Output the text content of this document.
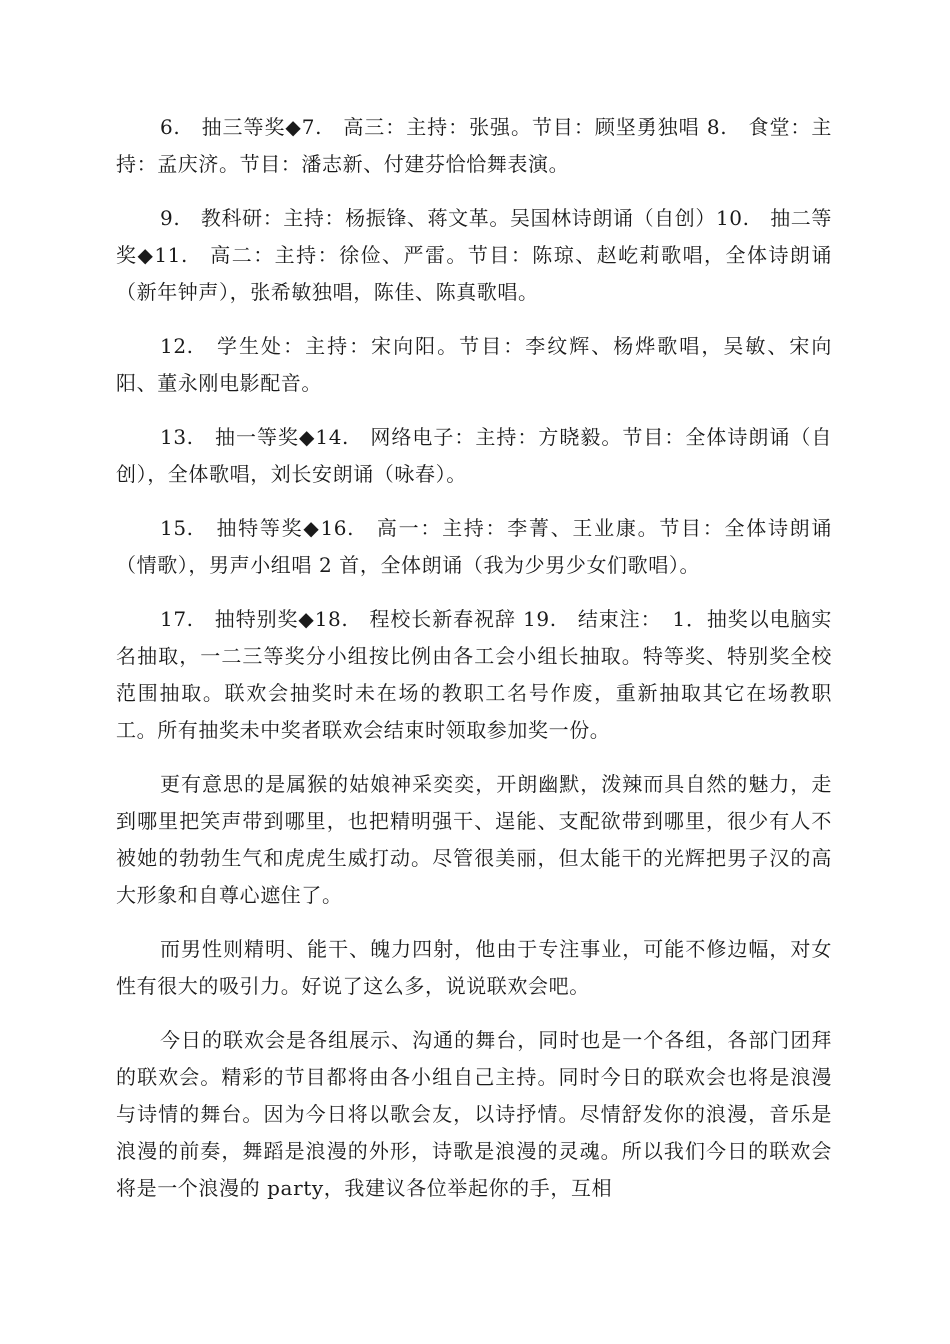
6.　抽三等奖◆7.　高三：主持：张强。节目：顾坚勇独唱 8.　食堂：主持：孟庆济。节目：潘志新、付建芬恰恰舞表演。

9.　教科研：主持：杨振锋、蒋文革。吴国林诗朗诵（自创）10.　抽二等奖◆11.　高二：主持：徐俭、严雷。节目：陈琼、赵屹莉歌唱，全体诗朗诵（新年钟声），张希敏独唱，陈佳、陈真歌唱。

12.　学生处：主持：宋向阳。节目：李纹辉、杨烨歌唱，吴敏、宋向阳、董永刚电影配音。

13.　抽一等奖◆14.　网络电子：主持：方晓毅。节目：全体诗朗诵（自创），全体歌唱，刘长安朗诵（咏春）。

15.　抽特等奖◆16.　高一：主持：李菁、王业康。节目：全体诗朗诵（情歌），男声小组唱 2 首，全体朗诵（我为少男少女们歌唱）。

17.　抽特别奖◆18.　程校长新春祝辞 19.　结束注：　1．抽奖以电脑实名抽取，一二三等奖分小组按比例由各工会小组长抽取。特等奖、特别奖全校范围抽取。联欢会抽奖时未在场的教职工名号作废，重新抽取其它在场教职工。所有抽奖未中奖者联欢会结束时领取参加奖一份。

更有意思的是属猴的姑娘神采奕奕，开朗幽默，泼辣而具自然的魅力，走到哪里把笑声带到哪里，也把精明强干、逞能、支配欲带到哪里，很少有人不被她的勃勃生气和虎虎生威打动。尽管很美丽，但太能干的光辉把男子汉的高大形象和自尊心遮住了。

而男性则精明、能干、魄力四射，他由于专注事业，可能不修边幅，对女性有很大的吸引力。好说了这么多，说说联欢会吧。

今日的联欢会是各组展示、沟通的舞台，同时也是一个各组，各部门团拜的联欢会。精彩的节目都将由各小组自己主持。同时今日的联欢会也将是浪漫与诗情的舞台。因为今日将以歌会友，以诗抒情。尽情舒发你的浪漫，音乐是浪漫的前奏，舞蹈是浪漫的外形，诗歌是浪漫的灵魂。所以我们今日的联欢会将是一个浪漫的 party，我建议各位举起你的手，互相
